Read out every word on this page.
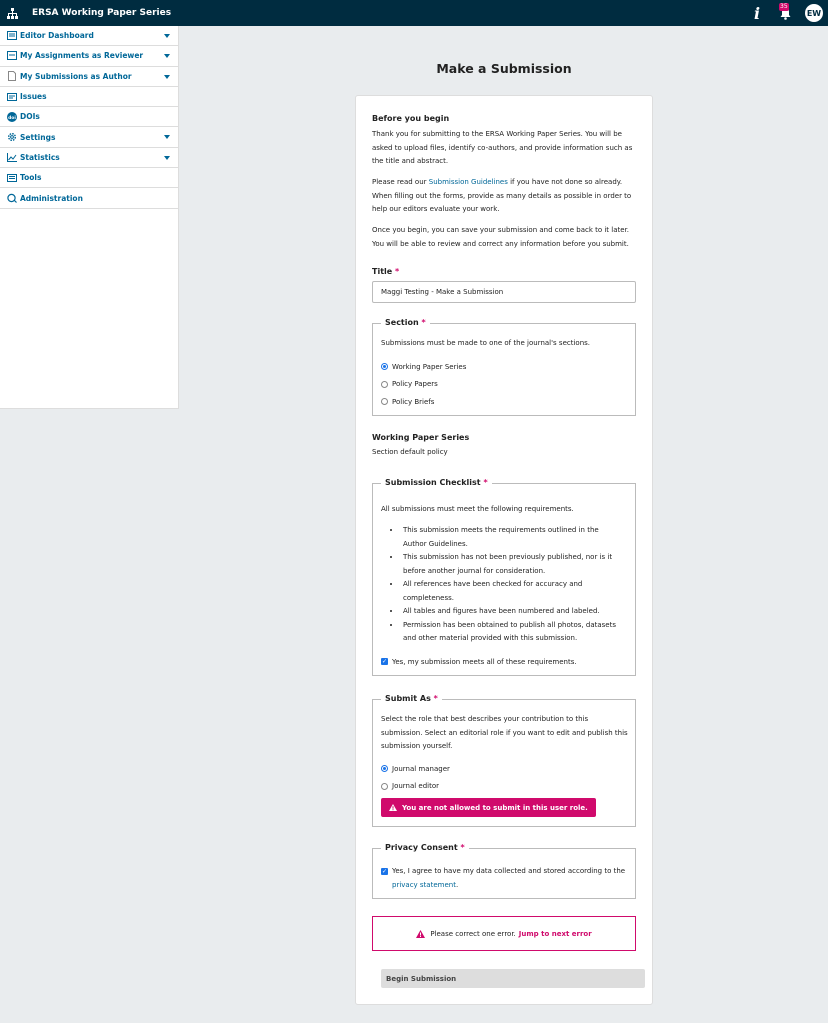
ERSA Working Paper Series	i	35
EW
Editor Dashboard
My Assignments as Reviewer
My Submissions as Author
Issues
doi DOIs
Settings
Statistics
Tools
Administration
Make a Submission
Before you begin

Thank you for submitting to the ERSA Working Paper Series. You will be asked to upload files, identify co-authors, and provide information such as the title and abstract.

Please read our Submission Guidelines if you have not done so already. When filling out the forms, provide as many details as possible in order to help our editors evaluate your work.

Once you begin, you can save your submission and come back to it later. You will be able to review and correct any information before you submit.

Title *
Maggi Testing - Make a Submission
Section *

Submissions must be made to one of the journal's sections.

Working Paper Series
Policy Papers
Policy Briefs
Working Paper Series

Section default policy

Submission Checklist *

All submissions must meet the following requirements.

• This submission meets the requirements outlined in the Author Guidelines.
• This submission has not been previously published, nor is it before another journal for consideration.
• All references have been checked for accuracy and completeness.
• All tables and figures have been numbered and labeled.
• Permission has been obtained to publish all photos, datasets and other material provided with this submission.
✓ Yes, my submission meets all of these requirements.
Submit As *

Select the role that best describes your contribution to this submission. Select an editorial role if you want to edit and publish this submission yourself.

Journal manager
Journal editor
You are not allowed to submit in this user role.
Privacy Consent *
✓ Yes, I agree to have my data collected and stored according to the privacy statement.

Please correct one error. Jump to next error
Begin Submission
